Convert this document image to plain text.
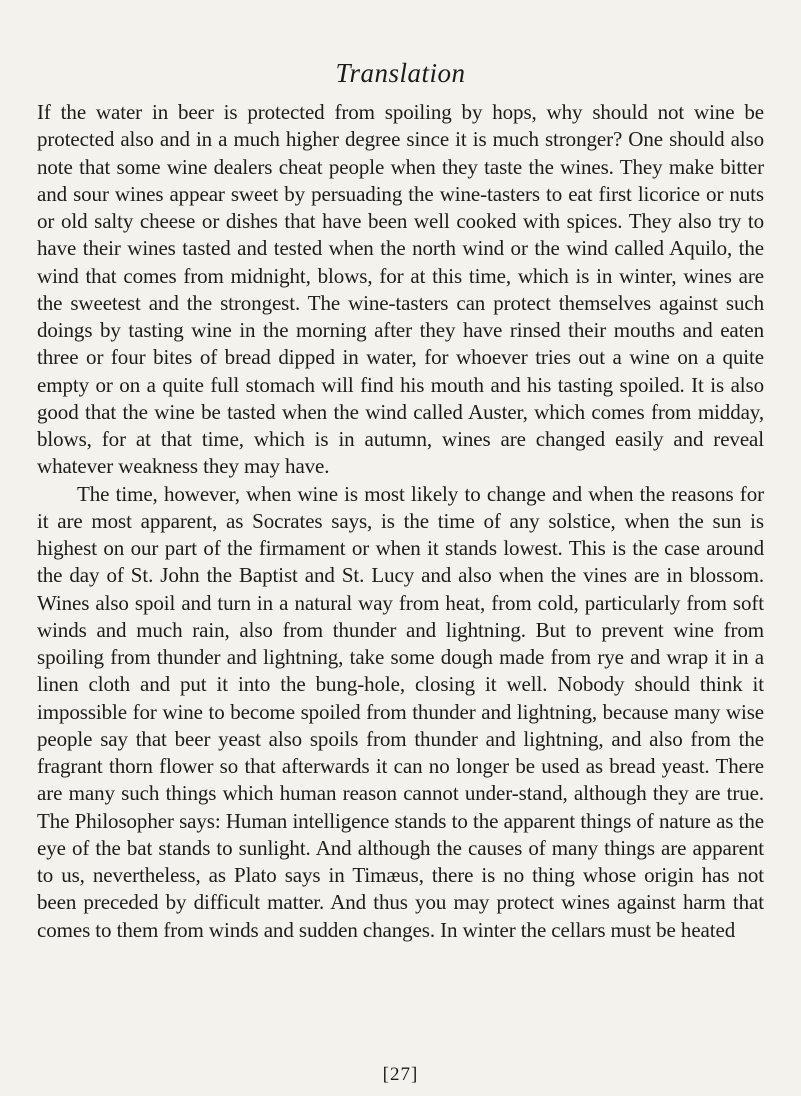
Translation

If the water in beer is protected from spoiling by hops, why should not wine be protected also and in a much higher degree since it is much stronger? One should also note that some wine dealers cheat people when they taste the wines. They make bitter and sour wines appear sweet by persuading the wine-tasters to eat first licorice or nuts or old salty cheese or dishes that have been well cooked with spices. They also try to have their wines tasted and tested when the north wind or the wind called Aquilo, the wind that comes from midnight, blows, for at this time, which is in winter, wines are the sweetest and the strongest. The wine-tasters can protect themselves against such doings by tasting wine in the morning after they have rinsed their mouths and eaten three or four bites of bread dipped in water, for whoever tries out a wine on a quite empty or on a quite full stomach will find his mouth and his tasting spoiled. It is also good that the wine be tasted when the wind called Auster, which comes from midday, blows, for at that time, which is in autumn, wines are changed easily and reveal whatever weakness they may have.

The time, however, when wine is most likely to change and when the reasons for it are most apparent, as Socrates says, is the time of any solstice, when the sun is highest on our part of the firmament or when it stands lowest. This is the case around the day of St. John the Baptist and St. Lucy and also when the vines are in blossom. Wines also spoil and turn in a natural way from heat, from cold, particularly from soft winds and much rain, also from thunder and lightning. But to prevent wine from spoiling from thunder and lightning, take some dough made from rye and wrap it in a linen cloth and put it into the bung-hole, closing it well. Nobody should think it impossible for wine to become spoiled from thunder and lightning, because many wise people say that beer yeast also spoils from thunder and lightning, and also from the fragrant thorn flower so that afterwards it can no longer be used as bread yeast. There are many such things which human reason cannot under-stand, although they are true. The Philosopher says: Human intelligence stands to the apparent things of nature as the eye of the bat stands to sunlight. And although the causes of many things are apparent to us, nevertheless, as Plato says in Timæus, there is no thing whose origin has not been preceded by difficult matter. And thus you may protect wines against harm that comes to them from winds and sudden changes. In winter the cellars must be heated

[27]
